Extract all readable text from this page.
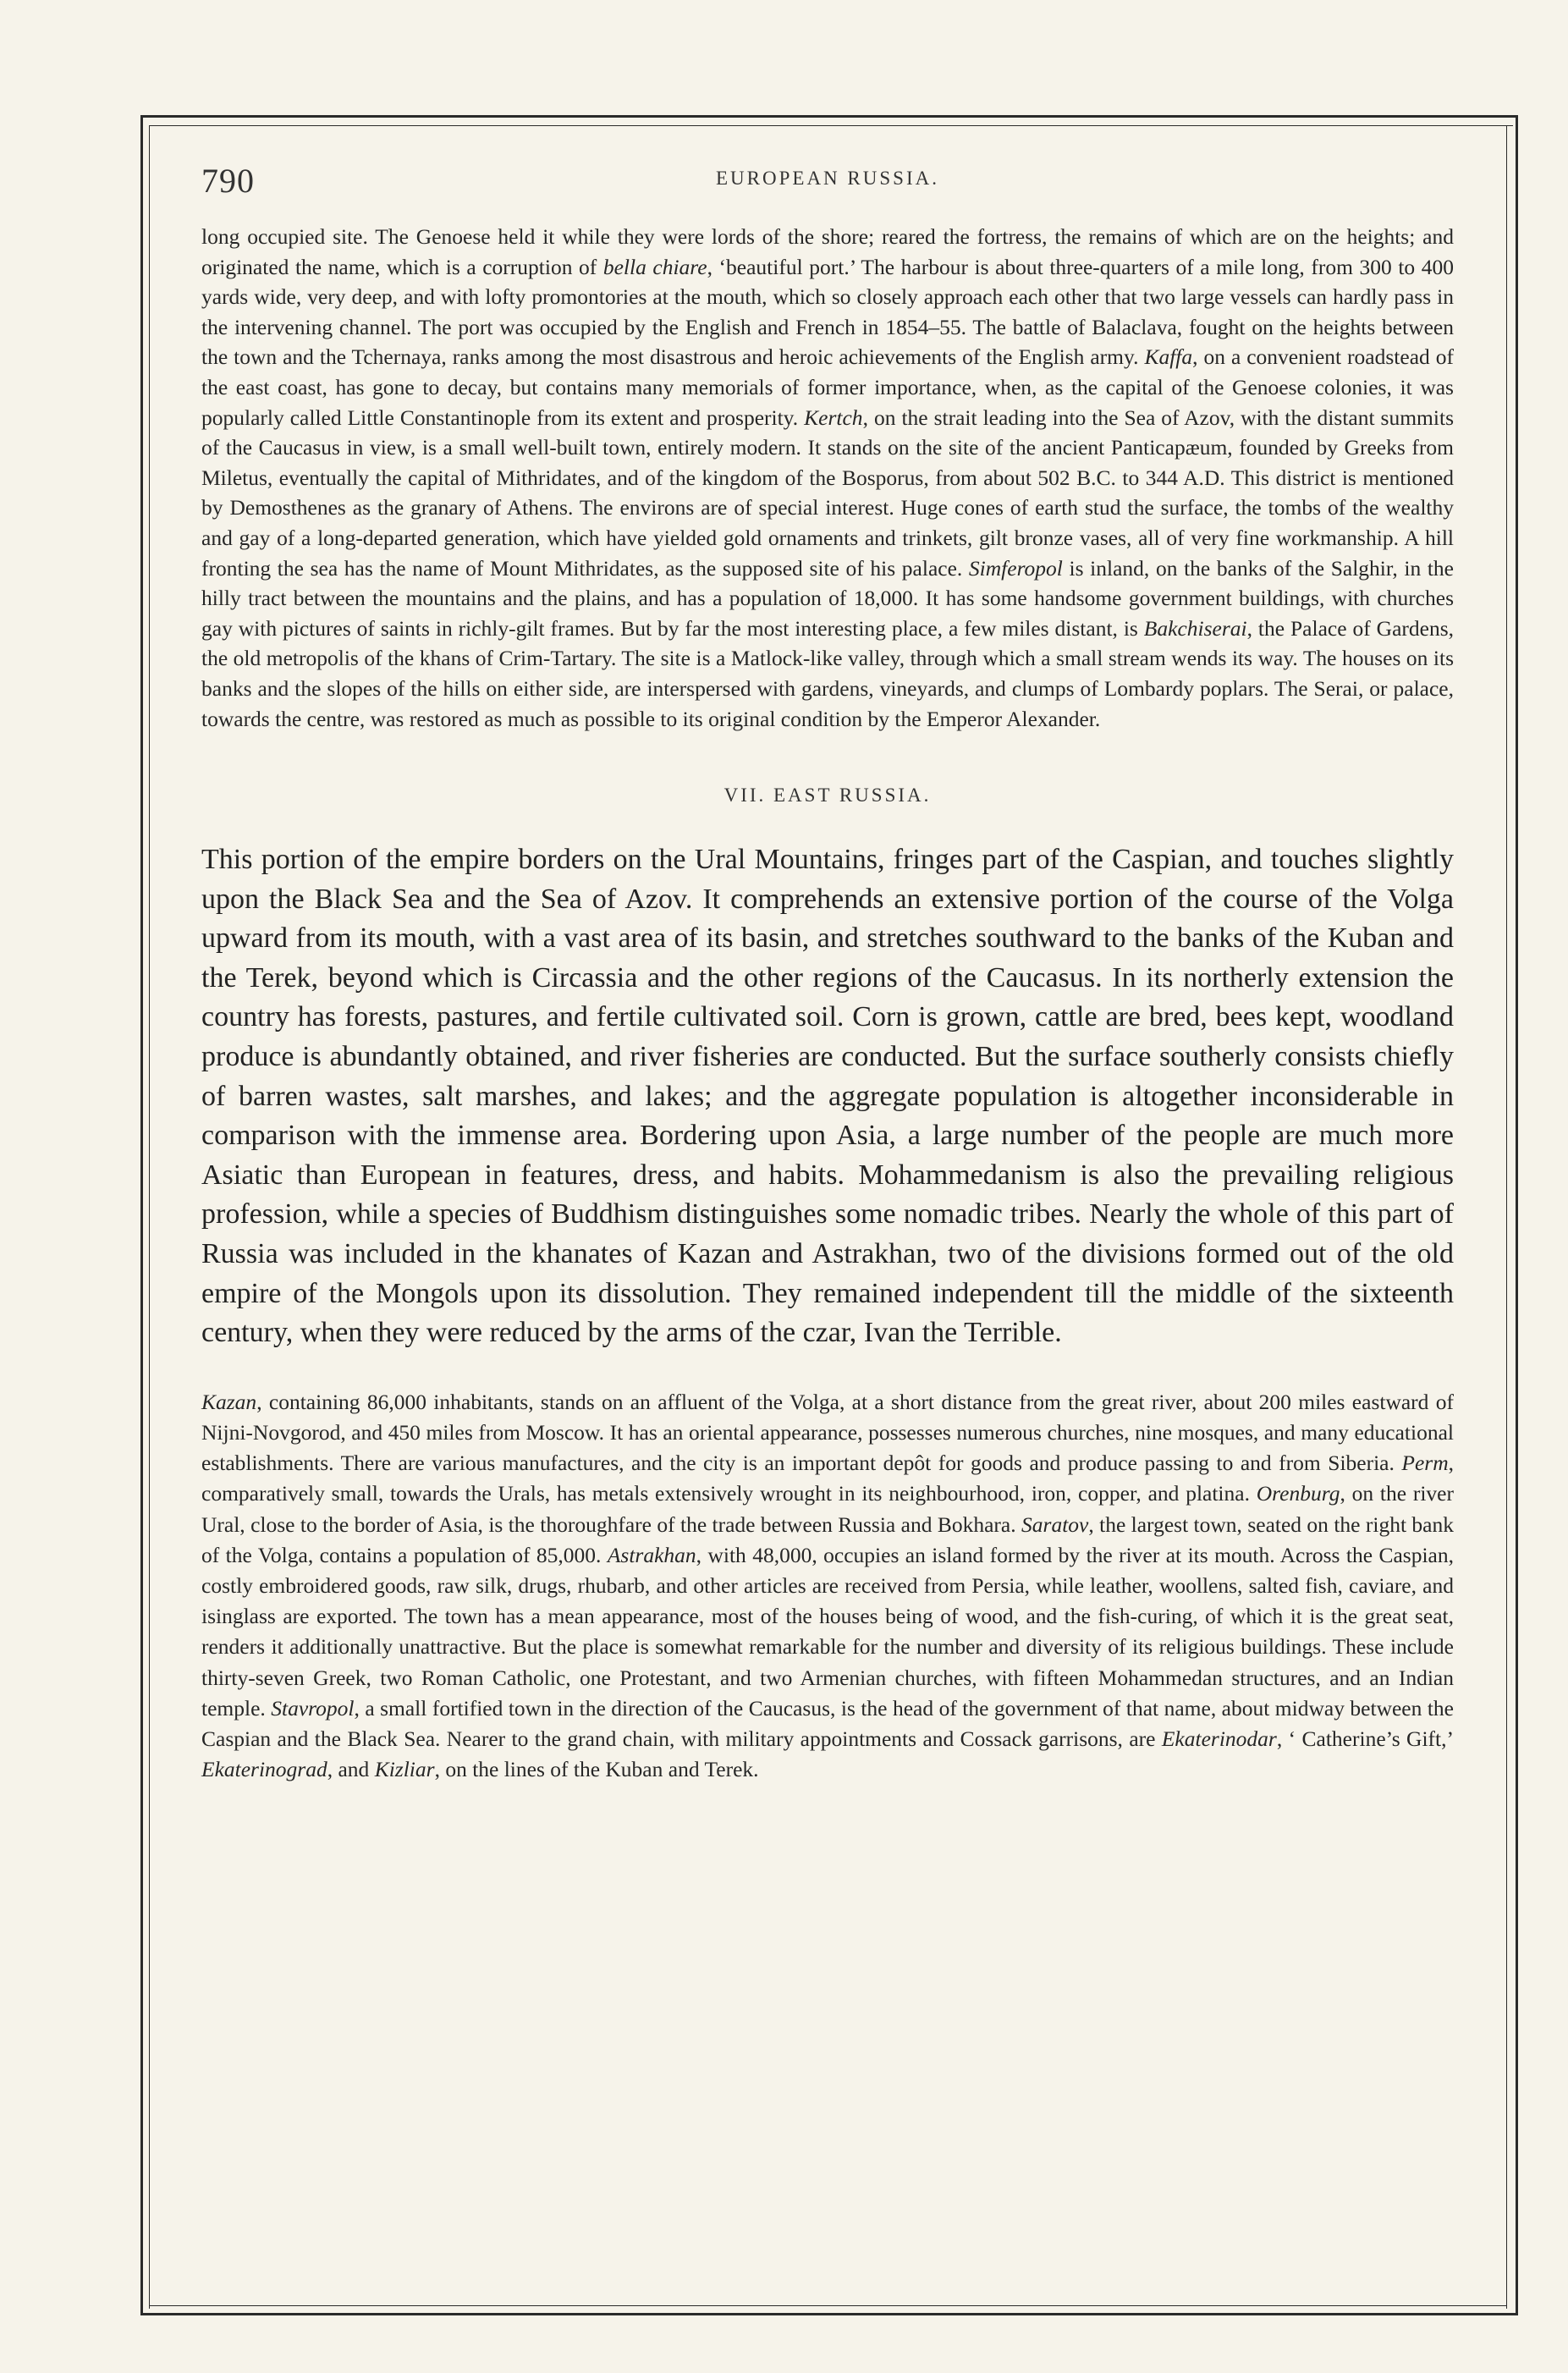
790	EUROPEAN RUSSIA.

long occupied site. The Genoese held it while they were lords of the shore; reared the fortress, the remains of which are on the heights; and originated the name, which is a corruption of bella chiare, ‘beautiful port.’ The harbour is about three-quarters of a mile long, from 300 to 400 yards wide, very deep, and with lofty promontories at the mouth, which so closely approach each other that two large vessels can hardly pass in the intervening channel. The port was occupied by the English and French in 1854–55. The battle of Balaclava, fought on the heights between the town and the Tchernaya, ranks among the most disastrous and heroic achievements of the English army. Kaffa, on a convenient roadstead of the east coast, has gone to decay, but contains many memorials of former importance, when, as the capital of the Genoese colonies, it was popularly called Little Constantinople from its extent and prosperity. Kertch, on the strait leading into the Sea of Azov, with the distant summits of the Caucasus in view, is a small well-built town, entirely modern. It stands on the site of the ancient Panticapæum, founded by Greeks from Miletus, eventually the capital of Mithridates, and of the kingdom of the Bosporus, from about 502 B.C. to 344 A.D. This district is mentioned by Demosthenes as the granary of Athens. The environs are of special interest. Huge cones of earth stud the surface, the tombs of the wealthy and gay of a long-departed generation, which have yielded gold ornaments and trinkets, gilt bronze vases, all of very fine workmanship. A hill fronting the sea has the name of Mount Mithridates, as the supposed site of his palace. Simferopol is inland, on the banks of the Salghir, in the hilly tract between the mountains and the plains, and has a population of 18,000. It has some handsome government buildings, with churches gay with pictures of saints in richly-gilt frames. But by far the most interesting place, a few miles distant, is Bakchiserai, the Palace of Gardens, the old metropolis of the khans of Crim-Tartary. The site is a Matlock-like valley, through which a small stream wends its way. The houses on its banks and the slopes of the hills on either side, are interspersed with gardens, vineyards, and clumps of Lombardy poplars. The Serai, or palace, towards the centre, was restored as much as possible to its original condition by the Emperor Alexander.

VII. EAST RUSSIA.

This portion of the empire borders on the Ural Mountains, fringes part of the Caspian, and touches slightly upon the Black Sea and the Sea of Azov. It comprehends an extensive portion of the course of the Volga upward from its mouth, with a vast area of its basin, and stretches southward to the banks of the Kuban and the Terek, beyond which is Circassia and the other regions of the Caucasus. In its northerly extension the country has forests, pastures, and fertile cultivated soil. Corn is grown, cattle are bred, bees kept, woodland produce is abundantly obtained, and river fisheries are conducted. But the surface southerly consists chiefly of barren wastes, salt marshes, and lakes; and the aggregate population is altogether inconsiderable in comparison with the immense area. Bordering upon Asia, a large number of the people are much more Asiatic than European in features, dress, and habits. Mohammedanism is also the prevailing religious profession, while a species of Buddhism distinguishes some nomadic tribes. Nearly the whole of this part of Russia was included in the khanates of Kazan and Astrakhan, two of the divisions formed out of the old empire of the Mongols upon its dissolution. They remained independent till the middle of the sixteenth century, when they were reduced by the arms of the czar, Ivan the Terrible.

Kazan, containing 86,000 inhabitants, stands on an affluent of the Volga, at a short distance from the great river, about 200 miles eastward of Nijni-Novgorod, and 450 miles from Moscow. It has an oriental appearance, possesses numerous churches, nine mosques, and many educational establishments. There are various manufactures, and the city is an important depôt for goods and produce passing to and from Siberia. Perm, comparatively small, towards the Urals, has metals extensively wrought in its neighbourhood, iron, copper, and platina. Orenburg, on the river Ural, close to the border of Asia, is the thoroughfare of the trade between Russia and Bokhara. Saratov, the largest town, seated on the right bank of the Volga, contains a population of 85,000. Astrakhan, with 48,000, occupies an island formed by the river at its mouth. Across the Caspian, costly embroidered goods, raw silk, drugs, rhubarb, and other articles are received from Persia, while leather, woollens, salted fish, caviare, and isinglass are exported. The town has a mean appearance, most of the houses being of wood, and the fish-curing, of which it is the great seat, renders it additionally unattractive. But the place is somewhat remarkable for the number and diversity of its religious buildings. These include thirty-seven Greek, two Roman Catholic, one Protestant, and two Armenian churches, with fifteen Mohammedan structures, and an Indian temple. Stavropol, a small fortified town in the direction of the Caucasus, is the head of the government of that name, about midway between the Caspian and the Black Sea. Nearer to the grand chain, with military appointments and Cossack garrisons, are Ekaterinodar, ‘ Catherine’s Gift,’ Ekaterinograd, and Kizliar, on the lines of the Kuban and Terek.
